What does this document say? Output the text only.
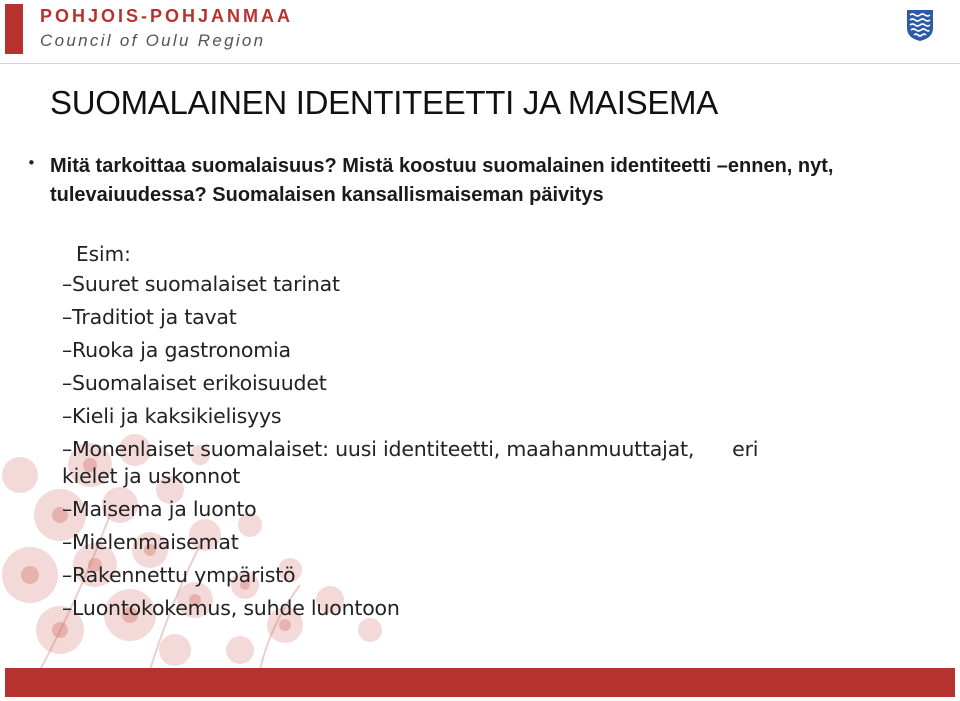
POHJOIS-POHJANMAA
Council of Oulu Region
SUOMALAINEN IDENTITEETTI JA MAISEMA
• Mitä tarkoittaa suomalaisuus? Mistä koostuu suomalainen identiteetti –ennen, nyt, tulevaiuudessa? Suomalaisen kansallismaiseman päivitys
Esim:
–Suuret suomalaiset tarinat
–Traditiot ja tavat
–Ruoka ja gastronomia
–Suomalaiset erikoisuudet
–Kieli ja kaksikielisyys
–Monenlaiset suomalaiset: uusi identiteetti, maahanmuuttajat, eri
kielet ja uskonnot
–Maisema ja luonto
–Mielenmaisemat
–Rakennettu ympäristö
–Luontokokemus, suhde luontoon
